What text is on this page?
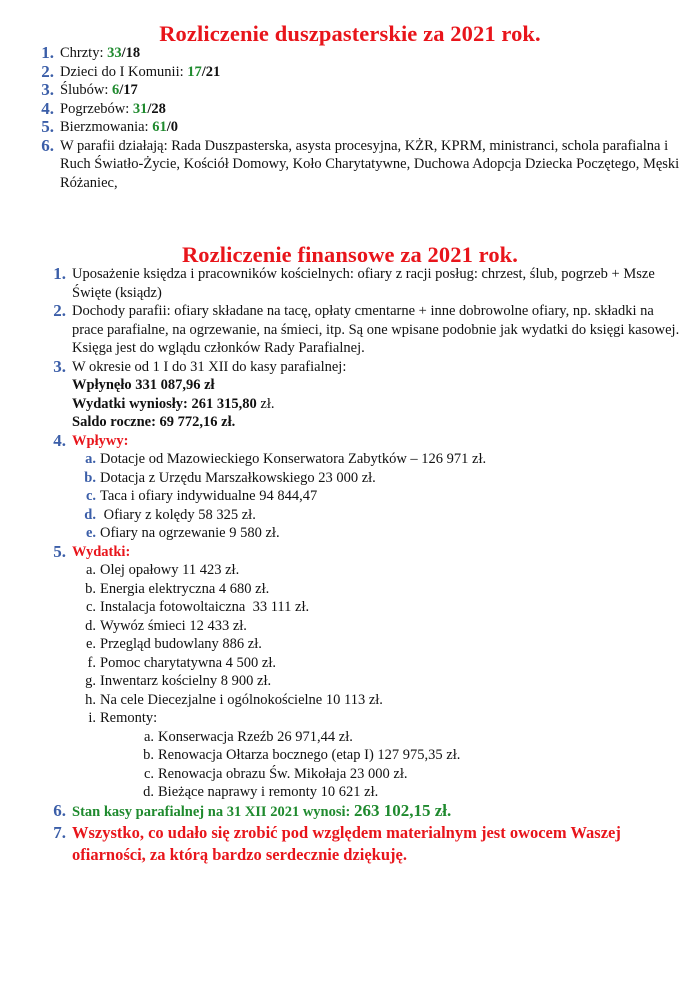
Rozliczenie duszpasterskie za 2021 rok.
1. Chrzty: 33/18
2. Dzieci do I Komunii: 17/21
3. Ślubów: 6/17
4. Pogrzebów: 31/28
5. Bierzmowania: 61/0
6. W parafii działają: Rada Duszpasterska, asysta procesyjna, KŻR, KPRM, ministranci, schola parafialna i Ruch Światło-Życie, Kościół Domowy, Koło Charytatywne, Duchowa Adopcja Dziecka Poczętego, Męski Różaniec,
Rozliczenie finansowe za 2021 rok.
1. Uposażenie księdza i pracowników kościelnych: ofiary z racji posług: chrzest, ślub, pogrzeb + Msze Święte (ksiądz)
2. Dochody parafii: ofiary składane na tacę, opłaty cmentarne + inne dobrowolne ofiary, np. składki na prace parafialne, na ogrzewanie, na śmieci, itp. Są one wpisane podobnie jak wydatki do księgi kasowej. Księga jest do wglądu członków Rady Parafialnej.
3. W okresie od 1 I do 31 XII do kasy parafialnej:
Wpłynęło 331 087,96 zł
Wydatki wyniosły: 261 315,80 zł.
Saldo roczne: 69 772,16 zł.
4. Wpływy:
a. Dotacje od Mazowieckiego Konserwatora Zabytków – 126 971 zł.
b. Dotacja z Urzędu Marszałkowskiego 23 000 zł.
c. Taca i ofiary indywidualne 94 844,47
d. Ofiary z kolędy 58 325 zł.
e. Ofiary na ogrzewanie 9 580 zł.
5. Wydatki:
a. Olej opałowy 11 423 zł.
b. Energia elektryczna 4 680 zł.
c. Instalacja fotowoltaiczna  33 111 zł.
d. Wywóz śmieci 12 433 zł.
e. Przegląd budowlany 886 zł.
f. Pomoc charytatywna 4 500 zł.
g. Inwentarz kościelny 8 900 zł.
h. Na cele Diecezjalne i ogólnokościelne 10 113 zł.
i. Remonty:
a. Konserwacja Rzeźb 26 971,44 zł.
b. Renowacja Ołtarza bocznego (etap I) 127 975,35 zł.
c. Renowacja obrazu Św. Mikołaja 23 000 zł.
d. Bieżące naprawy i remonty 10 621 zł.
6. Stan kasy parafialnej na 31 XII 2021 wynosi: 263 102,15 zł.
7. Wszystko, co udało się zrobić pod względem materialnym jest owocem Waszej ofiarności, za którą bardzo serdecznie dziękuję.
